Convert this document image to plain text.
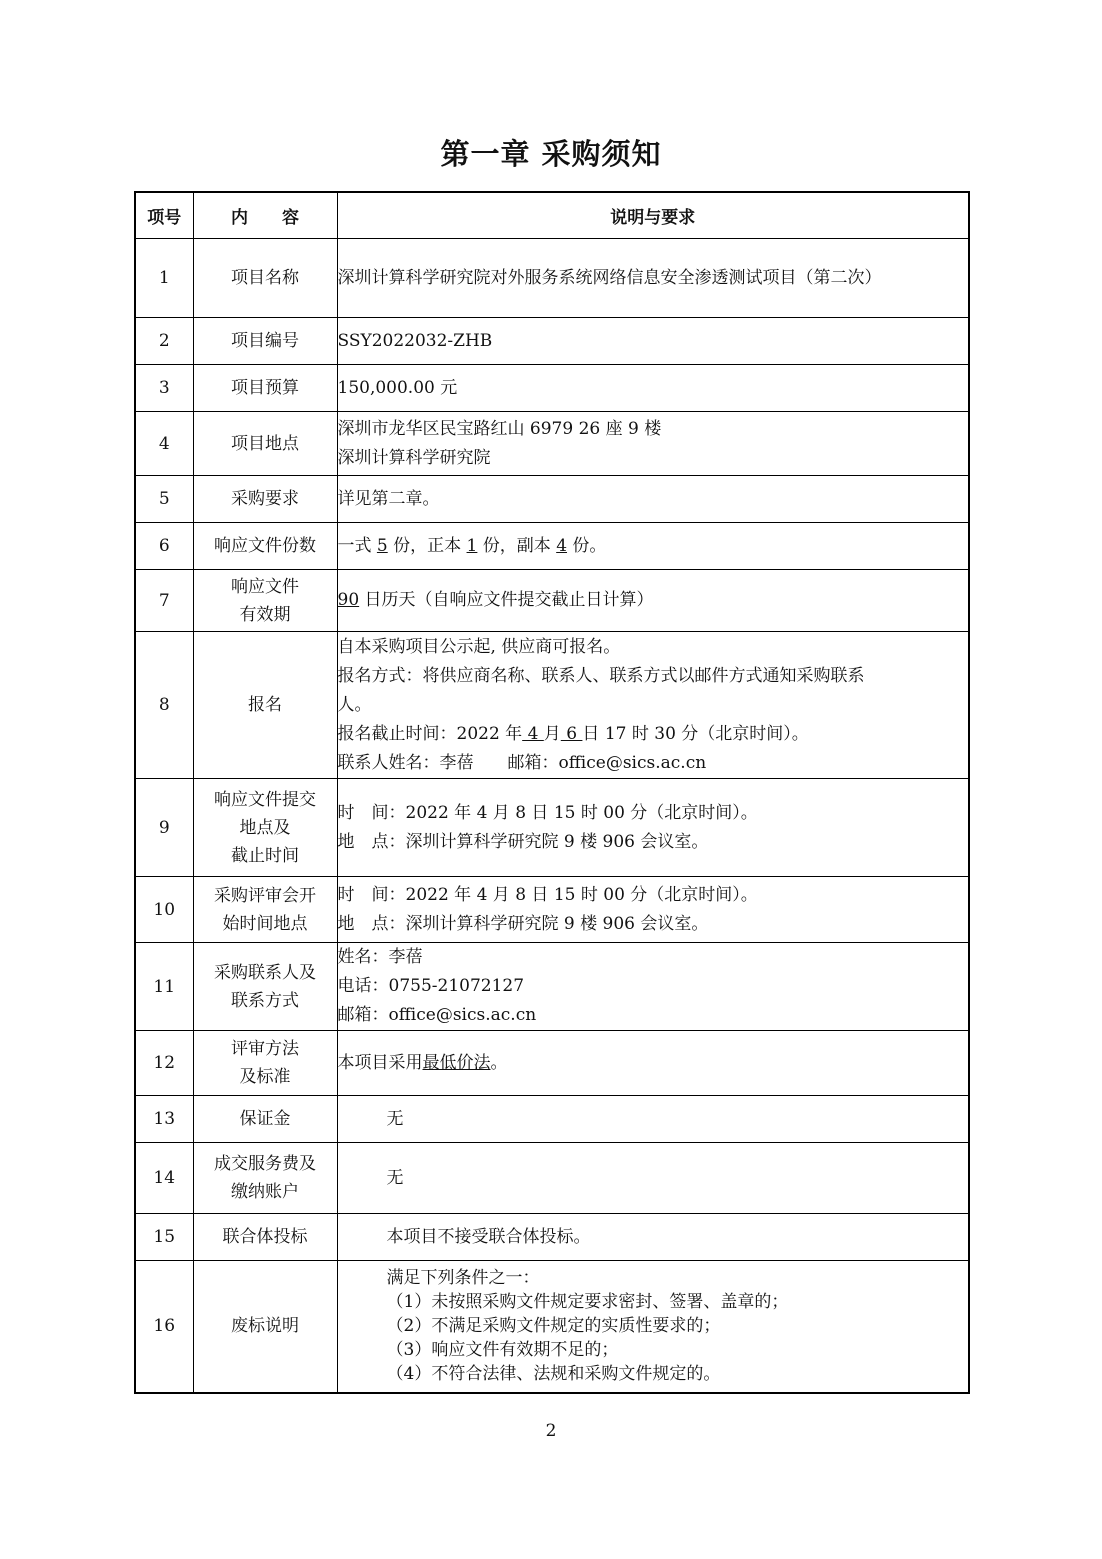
第一章 采购须知
项号	内　　容	说明与要求
1	项目名称	深圳计算科学研究院对外服务系统网络信息安全渗透测试项目（第二次）
2	项目编号	SSY2022032-ZHB
3	项目预算	150,000.00 元
4	项目地点	深圳市龙华区民宝路红山 6979 26 座 9 楼
深圳计算科学研究院

5	采购要求	详见第二章。
6	响应文件份数	一式 5 份，正本 1 份，副本 4 份。
7	响应文件
有效期	90 日历天（自响应文件提交截止日计算）
8	报名	自本采购项目公示起, 供应商可报名。
报名方式：将供应商名称、联系人、联系方式以邮件方式通知采购联系
人。
报名截止时间：2022 年 4 月 6 日 17 时 30 分（北京时间）。
联系人姓名：李蓓　　邮箱：office@sics.ac.cn

9	响应文件提交
地点及
截止时间	时　间：2022 年 4 月 8 日 15 时 00 分（北京时间）。
地　点：深圳计算科学研究院 9 楼 906 会议室。

10	采购评审会开
始时间地点	时　间：2022 年 4 月 8 日 15 时 00 分（北京时间）。
地　点：深圳计算科学研究院 9 楼 906 会议室。

11	采购联系人及
联系方式	姓名：李蓓
电话：0755-21072127
邮箱：office@sics.ac.cn

12	评审方法
及标准	本项目采用最低价法。
13	保证金	无
14	成交服务费及
缴纳账户	无
15	联合体投标	本项目不接受联合体投标。
16	废标说明	满足下列条件之一：
（1）未按照采购文件规定要求密封、签署、盖章的；
（2）不满足采购文件规定的实质性要求的；
（3）响应文件有效期不足的；
（4）不符合法律、法规和采购文件规定的。
2
